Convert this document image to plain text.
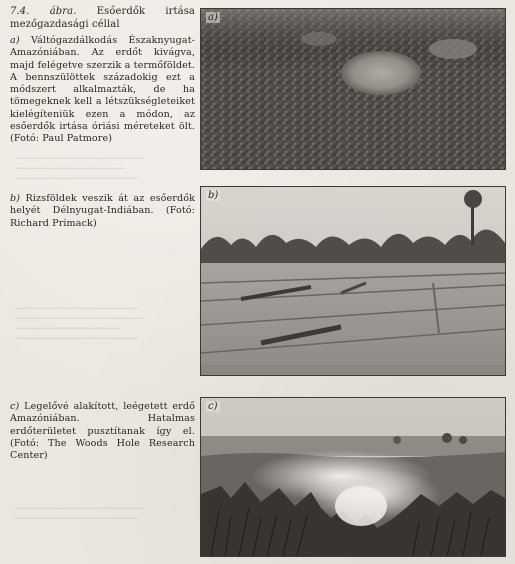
▁▁▁▁▁▁▁▁▁▁▁▁▁▁▁▁▁▁▁▁▁
▁▁▁▁▁▁▁▁▁▁▁▁▁▁▁▁▁▁
▁▁▁▁▁▁▁▁▁▁▁▁▁▁▁▁▁▁▁▁
▁▁▁▁▁▁▁▁▁▁▁▁▁▁▁▁▁▁▁▁
▁▁▁▁▁▁▁▁▁▁▁▁▁▁▁▁▁▁▁▁▁
▁▁▁▁▁▁▁▁▁▁▁▁▁▁▁▁▁
▁▁▁▁▁▁▁▁▁▁▁▁▁▁▁▁▁▁▁▁
▁▁▁▁▁▁▁▁▁▁▁▁▁▁▁▁▁▁▁▁▁
▁▁▁▁▁▁▁▁▁▁▁▁▁▁▁▁▁▁▁▁
7.4. ábra. Esőerdők irtása mezőgazdasági céllal
a) Váltógazdálkodás Északnyugat-Amazóniában. Az erdőt kivágva, majd felégetve szerzik a termőföldet. A bennszülöttek századokig ezt a módszert alkalmazták, de ha tömegeknek kell a létszükségleteiket kielégíteniük ezen a módon, az esőerdők irtása óriási méreteket ölt. (Fotó: Paul Patmore)
b) Rizsföldek veszik át az esőerdők helyét Délnyugat-Indiában. (Fotó: Richard Primack)
c) Legelővé alakított, leégetett erdő Amazóniában. Hatalmas erdőterületet pusztítanak így el. (Fotó: The Woods Hole Research Center)
a)
b)
c)
